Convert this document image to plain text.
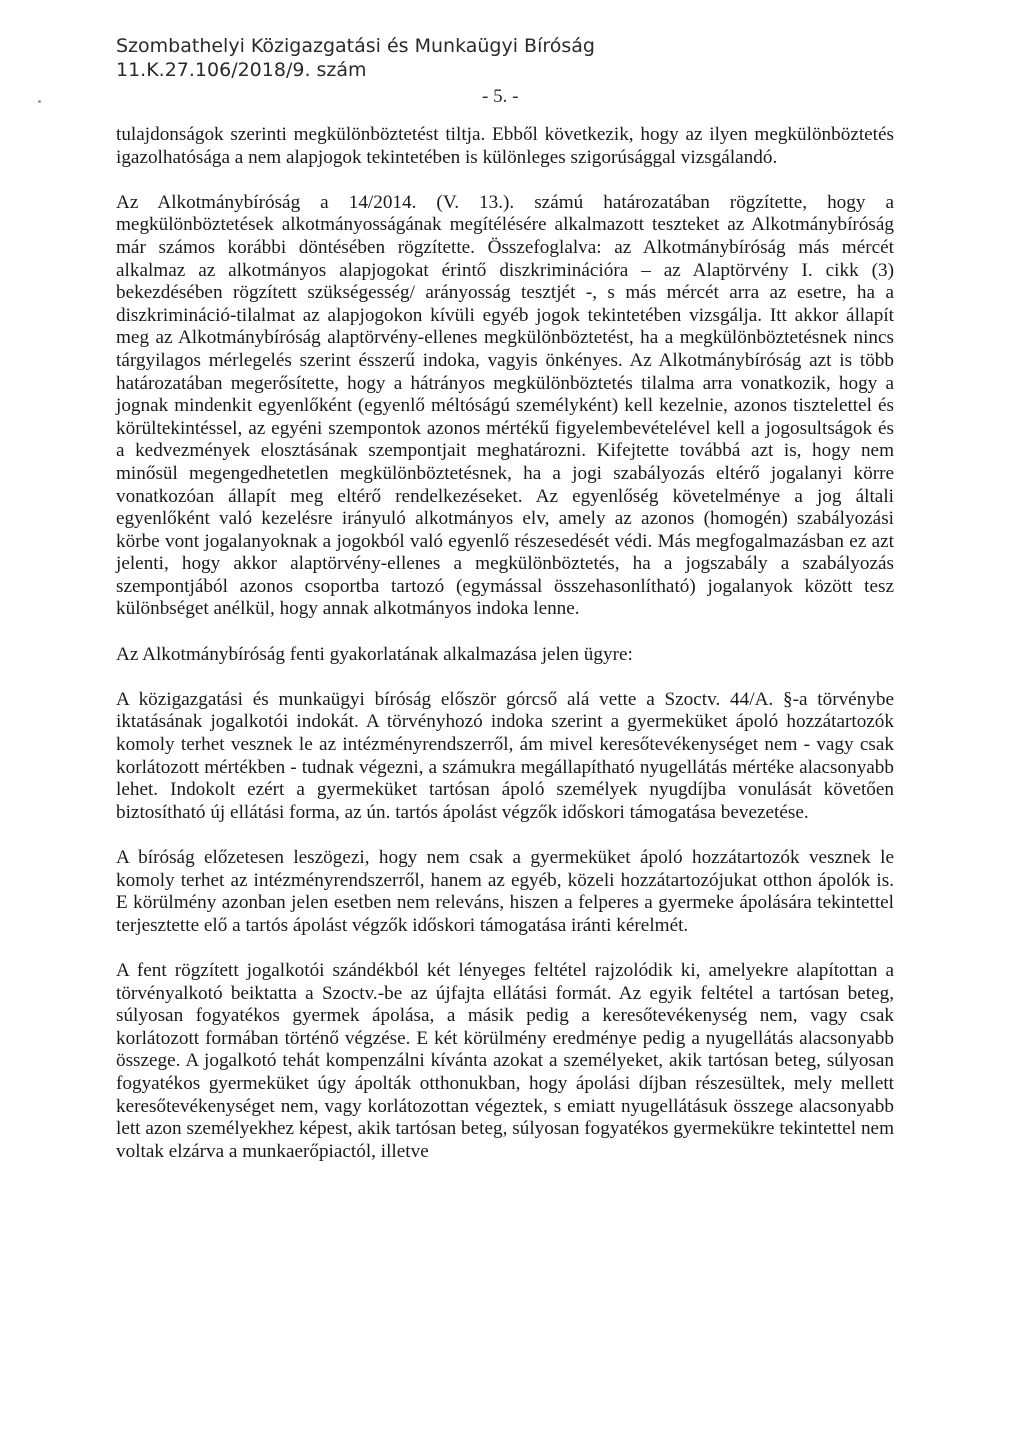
Szombathelyi Közigazgatási és Munkaügyi Bíróság
11.K.27.106/2018/9. szám
- 5. -

tulajdonságok szerinti megkülönböztetést tiltja. Ebből következik, hogy az ilyen megkülönböztetés igazolhatósága a nem alapjogok tekintetében is különleges szigorúsággal vizsgálandó.

Az Alkotmánybíróság a 14/2014. (V. 13.). számú határozatában rögzítette, hogy a megkülönböztetések alkotmányosságának megítélésére alkalmazott teszteket az Alkotmánybíróság már számos korábbi döntésében rögzítette. Összefoglalva: az Alkotmánybíróság más mércét alkalmaz az alkotmányos alapjogokat érintő diszkriminációra – az Alaptörvény I. cikk (3) bekezdésében rögzített szükségesség/ arányosság tesztjét -, s más mércét arra az esetre, ha a diszkrimináció-tilalmat az alapjogokon kívüli egyéb jogok tekintetében vizsgálja. Itt akkor állapít meg az Alkotmánybíróság alaptörvény-ellenes megkülönböztetést, ha a megkülönböztetésnek nincs tárgyilagos mérlegelés szerint ésszerű indoka, vagyis önkényes. Az Alkotmánybíróság azt is több határozatában megerősítette, hogy a hátrányos megkülönböztetés tilalma arra vonatkozik, hogy a jognak mindenkit egyenlőként (egyenlő méltóságú személyként) kell kezelnie, azonos tisztelettel és körültekintéssel, az egyéni szempontok azonos mértékű figyelembevételével kell a jogosultságok és a kedvezmények elosztásának szempontjait meghatározni. Kifejtette továbbá azt is, hogy nem minősül megengedhetetlen megkülönböztetésnek, ha a jogi szabályozás eltérő jogalanyi körre vonatkozóan állapít meg eltérő rendelkezéseket. Az egyenlőség követelménye a jog általi egyenlőként való kezelésre irányuló alkotmányos elv, amely az azonos (homogén) szabályozási körbe vont jogalanyoknak a jogokból való egyenlő részesedését védi. Más megfogalmazásban ez azt jelenti, hogy akkor alaptörvény-ellenes a megkülönböztetés, ha a jogszabály a szabályozás szempontjából azonos csoportba tartozó (egymással összehasonlítható) jogalanyok között tesz különbséget anélkül, hogy annak alkotmányos indoka lenne.

Az Alkotmánybíróság fenti gyakorlatának alkalmazása jelen ügyre:

A közigazgatási és munkaügyi bíróság először górcső alá vette a Szoctv. 44/A. §-a törvénybe iktatásának jogalkotói indokát. A törvényhozó indoka szerint a gyermeküket ápoló hozzátartozók komoly terhet vesznek le az intézményrendszerről, ám mivel keresőtevékenységet nem - vagy csak korlátozott mértékben - tudnak végezni, a számukra megállapítható nyugellátás mértéke alacsonyabb lehet. Indokolt ezért a gyermeküket tartósan ápoló személyek nyugdíjba vonulását követően biztosítható új ellátási forma, az ún. tartós ápolást végzők időskori támogatása bevezetése.

A bíróság előzetesen leszögezi, hogy nem csak a gyermeküket ápoló hozzátartozók vesznek le komoly terhet az intézményrendszerről, hanem az egyéb, közeli hozzátartozójukat otthon ápolók is. E körülmény azonban jelen esetben nem releváns, hiszen a felperes a gyermeke ápolására tekintettel terjesztette elő a tartós ápolást végzők időskori támogatása iránti kérelmét.

A fent rögzített jogalkotói szándékból két lényeges feltétel rajzolódik ki, amelyekre alapítottan a törvényalkotó beiktatta a Szoctv.-be az újfajta ellátási formát. Az egyik feltétel a tartósan beteg, súlyosan fogyatékos gyermek ápolása, a másik pedig a keresőtevékenység nem, vagy csak korlátozott formában történő végzése. E két körülmény eredménye pedig a nyugellátás alacsonyabb összege. A jogalkotó tehát kompenzálni kívánta azokat a személyeket, akik tartósan beteg, súlyosan fogyatékos gyermeküket úgy ápolták otthonukban, hogy ápolási díjban részesültek, mely mellett keresőtevékenységet nem, vagy korlátozottan végeztek, s emiatt nyugellátásuk összege alacsonyabb lett azon személyekhez képest, akik tartósan beteg, súlyosan fogyatékos gyermekükre tekintettel nem voltak elzárva a munkaerőpiactól, illetve
